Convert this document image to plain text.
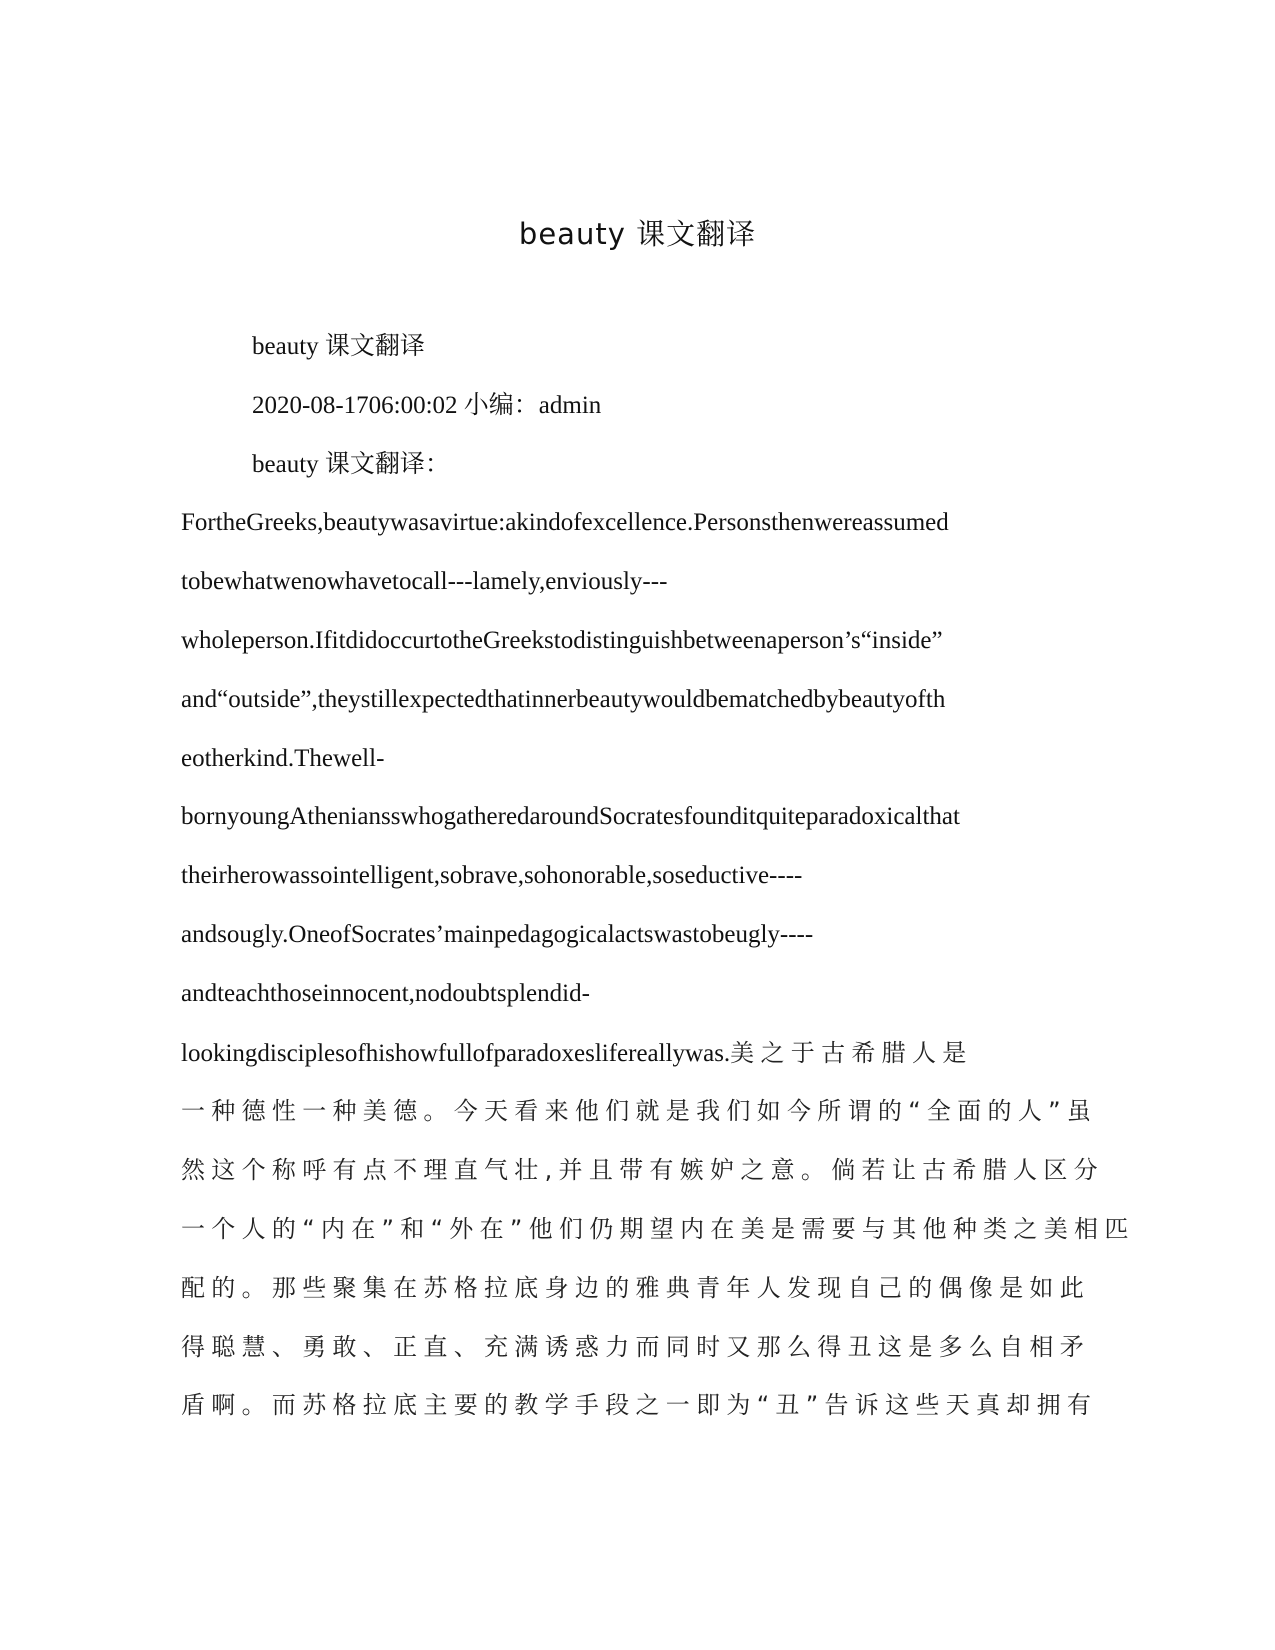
beauty 课文翻译
beauty 课文翻译
2020-08-1706:00:02 小编：admin
beauty 课文翻译：
FortheGreeks,beautywasavirtue:akindofexcellence.Personsthenwereassumed
tobewhatwenowhavetocall---lamely,enviously---
wholeperson.IfitdidoccurtotheGreekstodistinguishbetweenaperson’s“inside”
and“outside”,theystillexpectedthatinnerbeautywouldbematchedbybeautyofth
eotherkind.Thewell-
bornyoungAtheniansswhogatheredaroundSocratesfounditquiteparadoxicalthat
theirherowassointelligent,sobrave,sohonorable,soseductive----
andsougly.OneofSocrates’mainpedagogicalactswastobeugly----
andteachthoseinnocent,nodoubtsplendid-
lookingdisciplesofhishowfullofparadoxeslifereallywas.美之于古希腊人是
一种德性一种美德。今天看来他们就是我们如今所谓的“全面的人”虽
然这个称呼有点不理直气壮,并且带有嫉妒之意。倘若让古希腊人区分
一个人的“内在”和“外在”他们仍期望内在美是需要与其他种类之美相匹
配的。那些聚集在苏格拉底身边的雅典青年人发现自己的偶像是如此
得聪慧、勇敢、正直、充满诱惑力而同时又那么得丑这是多么自相矛
盾啊。而苏格拉底主要的教学手段之一即为“丑”告诉这些天真却拥有
